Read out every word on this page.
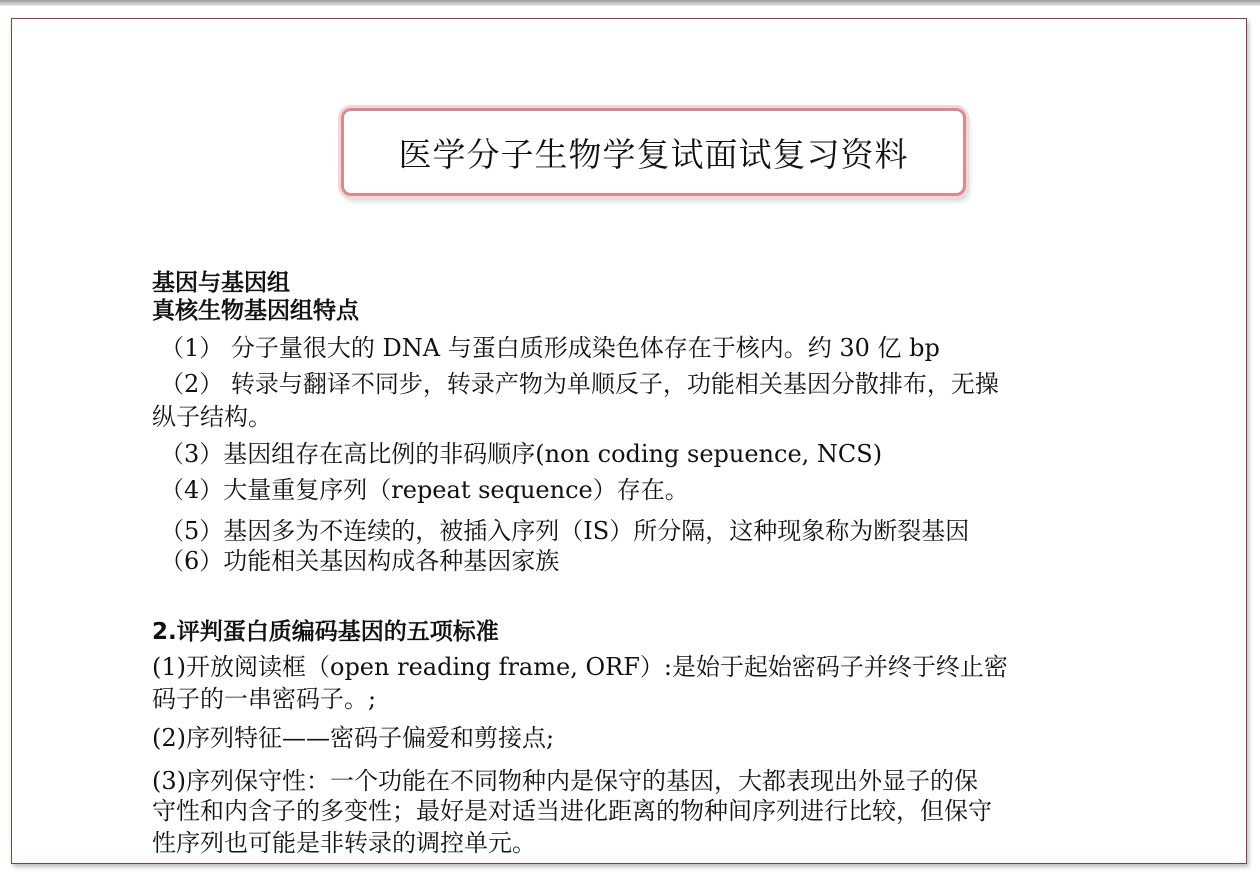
医学分子生物学复试面试复习资料
基因与基因组
真核生物基因组特点
（1） 分子量很大的 DNA 与蛋白质形成染色体存在于核内。约 30 亿 bp
（2） 转录与翻译不同步，转录产物为单顺反子，功能相关基因分散排布，无操
纵子结构。
（3）基因组存在高比例的非码顺序(non coding sepuence, NCS)
（4）大量重复序列（repeat sequence）存在。
（5）基因多为不连续的，被插入序列（IS）所分隔，这种现象称为断裂基因
（6）功能相关基因构成各种基因家族
2.评判蛋白质编码基因的五项标准
(1)开放阅读框（open reading frame, ORF）:是始于起始密码子并终于终止密
码子的一串密码子。;
(2)序列特征——密码子偏爱和剪接点;
(3)序列保守性：一个功能在不同物种内是保守的基因，大都表现出外显子的保
守性和内含子的多变性；最好是对适当进化距离的物种间序列进行比较，但保守
性序列也可能是非转录的调控单元。
